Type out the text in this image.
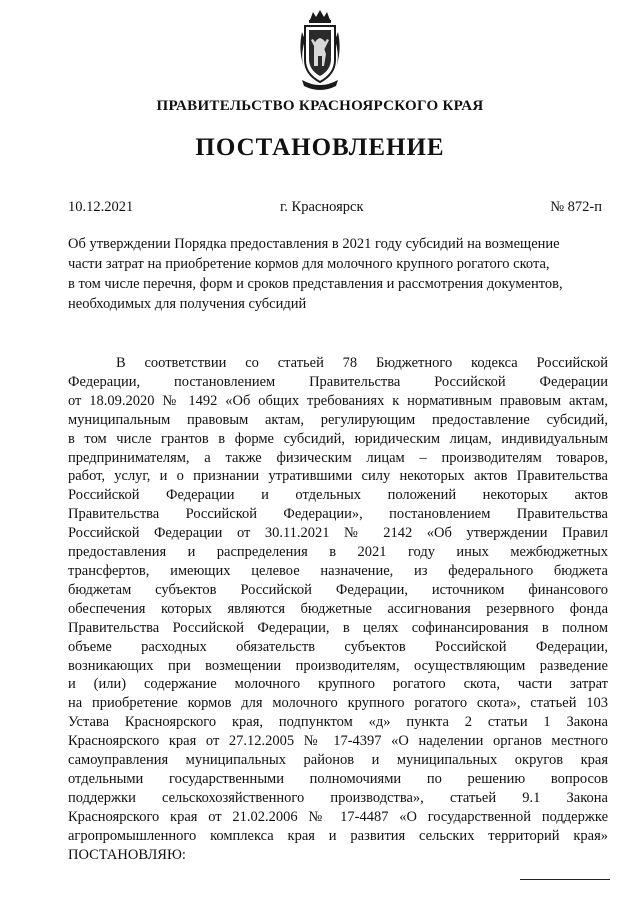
ПРАВИТЕЛЬСТВО КРАСНОЯРСКОГО КРАЯ
ПОСТАНОВЛЕНИЕ
10.12.2021	г. Красноярск	№ 872-п
Об утверждении Порядка предоставления в 2021 году субсидий на возмещение
части затрат на приобретение кормов для молочного крупного рогатого скота,
в том числе перечня, форм и сроков представления и рассмотрения документов,
необходимых для получения субсидий
В соответствии со статьей 78 Бюджетного кодекса Российской
Федерации, постановлением Правительства Российской Федерации
от 18.09.2020 № 1492 «Об общих требованиях к нормативным правовым актам,
муниципальным правовым актам, регулирующим предоставление субсидий,
в том числе грантов в форме субсидий, юридическим лицам, индивидуальным
предпринимателям, а также физическим лицам – производителям товаров,
работ, услуг, и о признании утратившими силу некоторых актов Правительства
Российской Федерации и отдельных положений некоторых актов
Правительства Российской Федерации», постановлением Правительства
Российской Федерации от 30.11.2021 № 2142 «Об утверждении Правил
предоставления и распределения в 2021 году иных межбюджетных
трансфертов, имеющих целевое назначение, из федерального бюджета
бюджетам субъектов Российской Федерации, источником финансового
обеспечения которых являются бюджетные ассигнования резервного фонда
Правительства Российской Федерации, в целях софинансирования в полном
объеме расходных обязательств субъектов Российской Федерации,
возникающих при возмещении производителям, осуществляющим разведение
и (или) содержание молочного крупного рогатого скота, части затрат
на приобретение кормов для молочного крупного рогатого скота», статьей 103
Устава Красноярского края, подпунктом «д» пункта 2 статьи 1 Закона
Красноярского края от 27.12.2005 № 17-4397 «О наделении органов местного
самоуправления муниципальных районов и муниципальных округов края
отдельными государственными полномочиями по решению вопросов
поддержки сельскохозяйственного производства», статьей 9.1 Закона
Красноярского края от 21.02.2006 № 17-4487 «О государственной поддержке
агропромышленного комплекса края и развития сельских территорий края»
ПОСТАНОВЛЯЮ:
